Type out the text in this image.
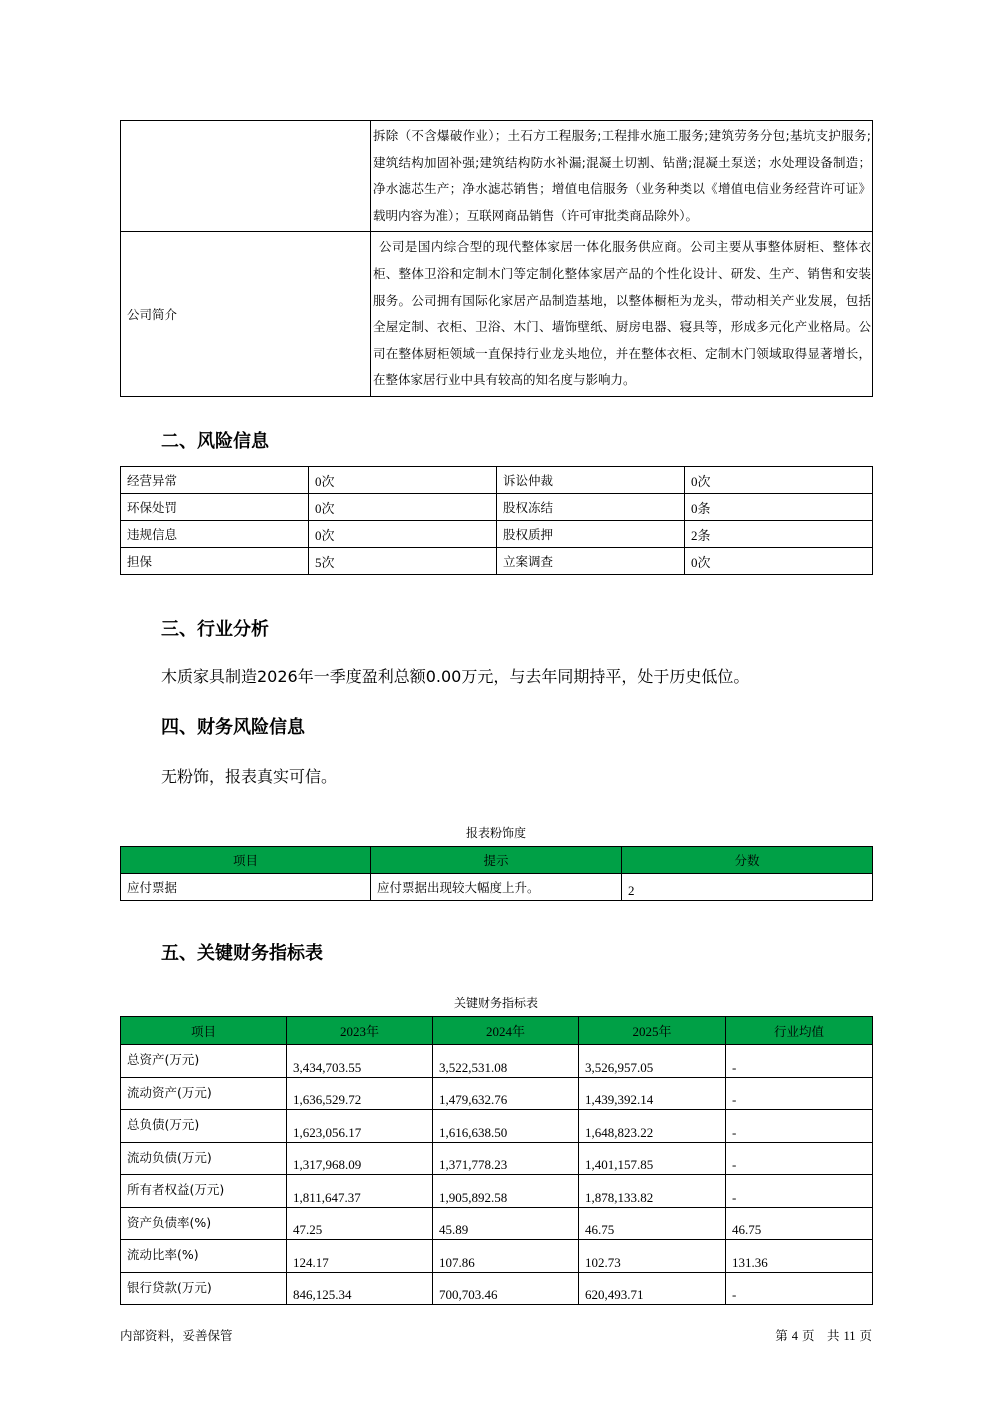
	拆除（不含爆破作业）；土石方工程服务;工程排水施工服务;建筑劳务分包;基坑支护服务;建筑结构加固补强;建筑结构防水补漏;混凝土切割、钻凿;混凝土泵送；水处理设备制造；净水滤芯生产；净水滤芯销售；增值电信服务（业务种类以《增值电信业务经营许可证》载明内容为准）；互联网商品销售（许可审批类商品除外）。
公司简介	公司是国内综合型的现代整体家居一体化服务供应商。公司主要从事整体厨柜、整体衣柜、整体卫浴和定制木门等定制化整体家居产品的个性化设计、研发、生产、销售和安装服务。公司拥有国际化家居产品制造基地，以整体橱柜为龙头，带动相关产业发展，包括全屋定制、衣柜、卫浴、木门、墙饰壁纸、厨房电器、寝具等，形成多元化产业格局。公司在整体厨柜领域一直保持行业龙头地位，并在整体衣柜、定制木门领域取得显著增长，在整体家居行业中具有较高的知名度与影响力。
二、风险信息
经营异常	0次	诉讼仲裁	0次
环保处罚	0次	股权冻结	0条
违规信息	0次	股权质押	2条
担保	5次	立案调查	0次
三、行业分析
木质家具制造2026年一季度盈利总额0.00万元，与去年同期持平，处于历史低位。
四、财务风险信息
无粉饰，报表真实可信。
报表粉饰度
项目	提示	分数
应付票据	应付票据出现较大幅度上升。	2
五、关键财务指标表
关键财务指标表
项目	2023年	2024年	2025年	行业均值
总资产(万元)	3,434,703.55	3,522,531.08	3,526,957.05	-
流动资产(万元)	1,636,529.72	1,479,632.76	1,439,392.14	-
总负债(万元)	1,623,056.17	1,616,638.50	1,648,823.22	-
流动负债(万元)	1,317,968.09	1,371,778.23	1,401,157.85	-
所有者权益(万元)	1,811,647.37	1,905,892.58	1,878,133.82	-
资产负债率(%)	47.25	45.89	46.75	46.75
流动比率(%)	124.17	107.86	102.73	131.36
银行贷款(万元)	846,125.34	700,703.46	620,493.71	-
内部资料，妥善保管	第 4 页　共 11 页
